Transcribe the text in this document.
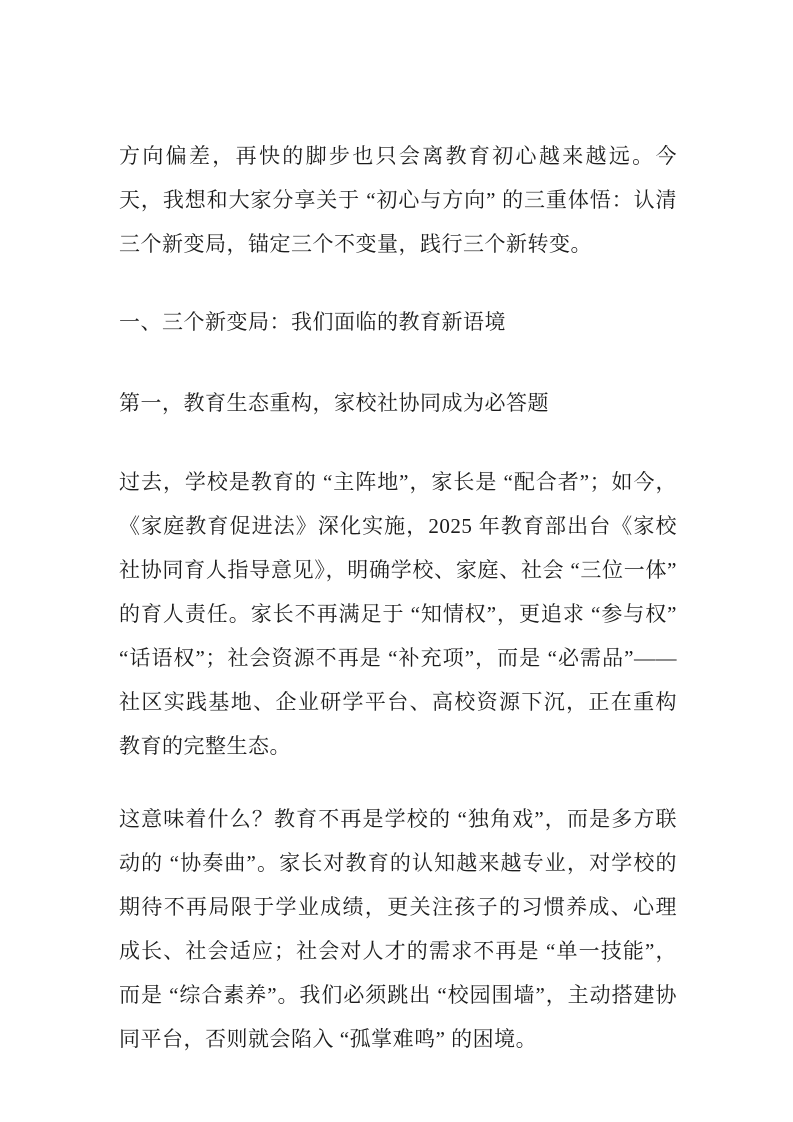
方向偏差，再快的脚步也只会离教育初心越来越远。今天，我想和大家分享关于 “初心与方向” 的三重体悟：认清三个新变局，锚定三个不变量，践行三个新转变。

一、三个新变局：我们面临的教育新语境

第一，教育生态重构，家校社协同成为必答题

过去，学校是教育的 “主阵地”，家长是 “配合者”；如今，《家庭教育促进法》深化实施，2025 年教育部出台《家校社协同育人指导意见》，明确学校、家庭、社会 “三位一体” 的育人责任。家长不再满足于 “知情权”，更追求 “参与权”“话语权”；社会资源不再是 “补充项”，而是 “必需品”—— 社区实践基地、企业研学平台、高校资源下沉，正在重构教育的完整生态。

这意味着什么？教育不再是学校的 “独角戏”，而是多方联动的 “协奏曲”。家长对教育的认知越来越专业，对学校的期待不再局限于学业成绩，更关注孩子的习惯养成、心理成长、社会适应；社会对人才的需求不再是 “单一技能”，而是 “综合素养”。我们必须跳出 “校园围墙”，主动搭建协同平台，否则就会陷入 “孤掌难鸣” 的困境。
